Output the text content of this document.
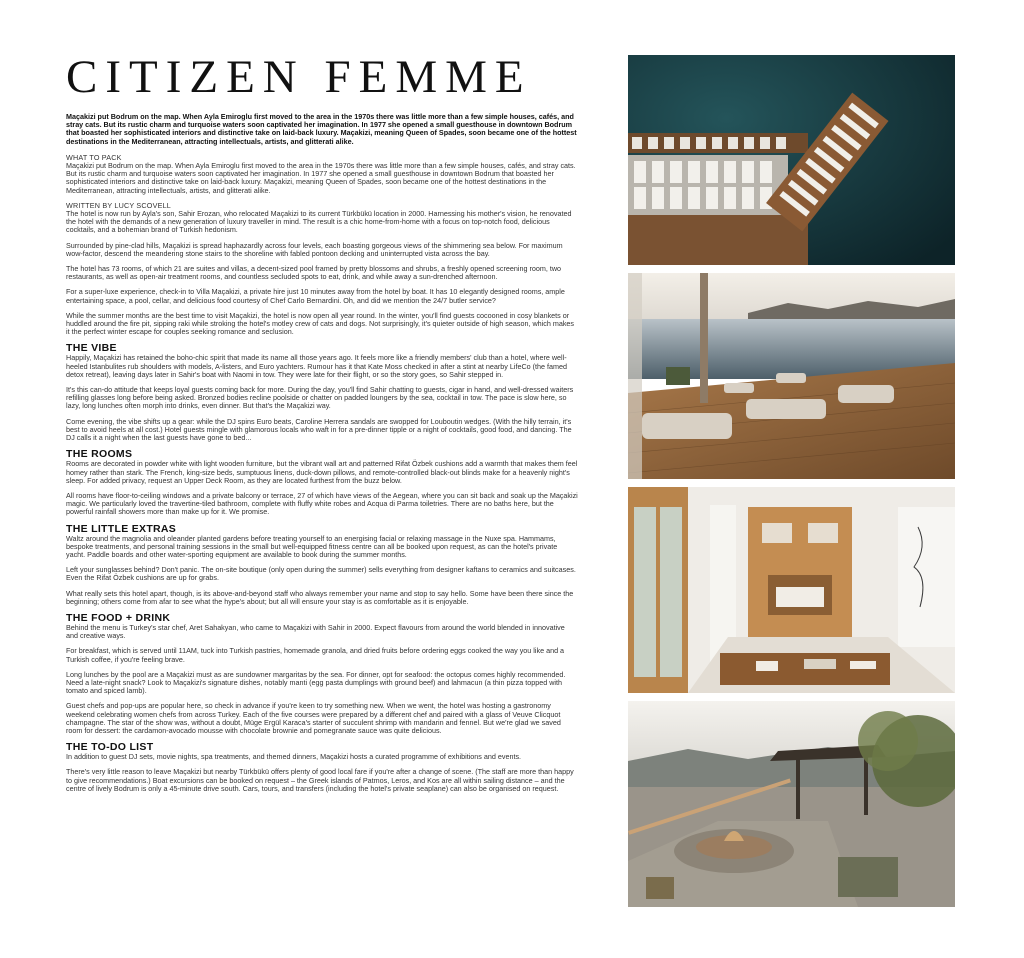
CITIZEN FEMME

Maçakizi put Bodrum on the map. When Ayla Emiroglu first moved to the area in the 1970s there was little more than a few simple houses, cafés, and stray cats. But its rustic charm and turquoise waters soon captivated her imagination. In 1977 she opened a small guesthouse in downtown Bodrum that boasted her sophisticated interiors and distinctive take on laid-back luxury. Maçakizi, meaning Queen of Spades, soon became one of the hottest destinations in the Mediterranean, attracting intellectuals, artists, and glitterati alike.

WHAT TO PACK

Maçakizi put Bodrum on the map. When Ayla Emiroglu first moved to the area in the 1970s there was little more than a few simple houses, cafés, and stray cats. But its rustic charm and turquoise waters soon captivated her imagination. In 1977 she opened a small guesthouse in downtown Bodrum that boasted her sophisticated interiors and distinctive take on laid-back luxury. Maçakizi, meaning Queen of Spades, soon became one of the hottest destinations in the Mediterranean, attracting intellectuals, artists, and glitterati alike.

WRITTEN BY LUCY SCOVELL

The hotel is now run by Ayla's son, Sahir Erozan, who relocated Maçakizi to its current Türkbükü location in 2000. Harnessing his mother's vision, he renovated the hotel with the demands of a new generation of luxury traveller in mind. The result is a chic home-from-home with a focus on top-notch food, delicious cocktails, and a bohemian brand of Turkish hedonism.

Surrounded by pine-clad hills, Maçakizi is spread haphazardly across four levels, each boasting gorgeous views of the shimmering sea below. For maximum wow-factor, descend the meandering stone stairs to the shoreline with fabled pontoon decking and uninterrupted vista across the bay.

The hotel has 73 rooms, of which 21 are suites and villas, a decent-sized pool framed by pretty blossoms and shrubs, a freshly opened screening room, two restaurants, as well as open-air treatment rooms, and countless secluded spots to eat, drink, and while away a sun-drenched afternoon.

For a super-luxe experience, check-in to Villa Maçakizi, a private hire just 10 minutes away from the hotel by boat. It has 10 elegantly designed rooms, ample entertaining space, a pool, cellar, and delicious food courtesy of Chef Carlo Bernardini. Oh, and did we mention the 24/7 butler service?

While the summer months are the best time to visit Maçakizi, the hotel is now open all year round. In the winter, you'll find guests cocooned in cosy blankets or huddled around the fire pit, sipping raki while stroking the hotel's motley crew of cats and dogs. Not surprisingly, it's quieter outside of high season, which makes it the perfect winter escape for couples seeking romance and seclusion.

THE VIBE

Happily, Maçakizi has retained the boho-chic spirit that made its name all those years ago. It feels more like a friendly members' club than a hotel, where well-heeled Istanbulites rub shoulders with models, A-listers, and Euro yachters. Rumour has it that Kate Moss checked in after a stint at nearby LifeCo (the famed detox retreat), leaving days later in Sahir's boat with Naomi in tow. They were late for their flight, or so the story goes, so Sahir stepped in.

It's this can-do attitude that keeps loyal guests coming back for more. During the day, you'll find Sahir chatting to guests, cigar in hand, and well-dressed waiters refilling glasses long before being asked. Bronzed bodies recline poolside or chatter on padded loungers by the sea, cocktail in tow. The pace is slow here, so lazy, long lunches often morph into drinks, even dinner. But that's the Maçakizi way.

Come evening, the vibe shifts up a gear: while the DJ spins Euro beats, Caroline Herrera sandals are swopped for Louboutin wedges. (With the hilly terrain, it's best to avoid heels at all cost.) Hotel guests mingle with glamorous locals who waft in for a pre-dinner tipple or a night of cocktails, good food, and dancing. The DJ calls it a night when the last guests have gone to bed...

THE ROOMS

Rooms are decorated in powder white with light wooden furniture, but the vibrant wall art and patterned Rifat Özbek cushions add a warmth that makes them feel homey rather than stark. The French, king-size beds, sumptuous linens, duck-down pillows, and remote-controlled black-out blinds make for a heavenly night's sleep. For added privacy, request an Upper Deck Room, as they are located furthest from the buzz below.

All rooms have floor-to-ceiling windows and a private balcony or terrace, 27 of which have views of the Aegean, where you can sit back and soak up the Maçakizi magic. We particularly loved the travertine-tiled bathroom, complete with fluffy white robes and Acqua di Parma toiletries. There are no baths here, but the powerful rainfall showers more than make up for it. We promise.

THE LITTLE EXTRAS

Waltz around the magnolia and oleander planted gardens before treating yourself to an energising facial or relaxing massage in the Nuxe spa. Hammams, bespoke treatments, and personal training sessions in the small but well-equipped fitness centre can all be booked upon request, as can the hotel's private yacht. Paddle boards and other water-sporting equipment are available to book during the summer months.

Left your sunglasses behind? Don't panic. The on-site boutique (only open during the summer) sells everything from designer kaftans to ceramics and suitcases. Even the Rifat Özbek cushions are up for grabs.

What really sets this hotel apart, though, is its above-and-beyond staff who always remember your name and stop to say hello. Some have been there since the beginning; others come from afar to see what the hype's about; but all will ensure your stay is as comfortable as it is enjoyable.

THE FOOD + DRINK

Behind the menu is Turkey's star chef, Aret Sahakyan, who came to Maçakizi with Sahir in 2000. Expect flavours from around the world blended in innovative and creative ways.

For breakfast, which is served until 11AM, tuck into Turkish pastries, homemade granola, and dried fruits before ordering eggs cooked the way you like and a Turkish coffee, if you're feeling brave.

Long lunches by the pool are a Maçakizi must as are sundowner margaritas by the sea. For dinner, opt for seafood: the octopus comes highly recommended. Need a late-night snack? Look to Maçakizi's signature dishes, notably manti (egg pasta dumplings with ground beef) and lahmacun (a thin pizza topped with tomato and spiced lamb).

Guest chefs and pop-ups are popular here, so check in advance if you're keen to try something new. When we went, the hotel was hosting a gastronomy weekend celebrating women chefs from across Turkey. Each of the five courses were prepared by a different chef and paired with a glass of Veuve Clicquot champagne. The star of the show was, without a doubt, Müge Ergül Karaca's starter of succulent shrimp with mandarin and fennel. But we're glad we saved room for dessert: the cardamon-avocado mousse with chocolate brownie and pomegranate sauce was quite delicious.

THE TO-DO LIST

In addition to guest DJ sets, movie nights, spa treatments, and themed dinners, Maçakizi hosts a curated programme of exhibitions and events.

There's very little reason to leave Maçakizi but nearby Türkbükü offers plenty of good local fare if you're after a change of scene. (The staff are more than happy to give recommendations.) Boat excursions can be booked on request – the Greek islands of Patmos, Leros, and Kos are all within sailing distance – and the centre of lively Bodrum is only a 45-minute drive south. Cars, tours, and transfers (including the hotel's private seaplane) can also be organised on request.
